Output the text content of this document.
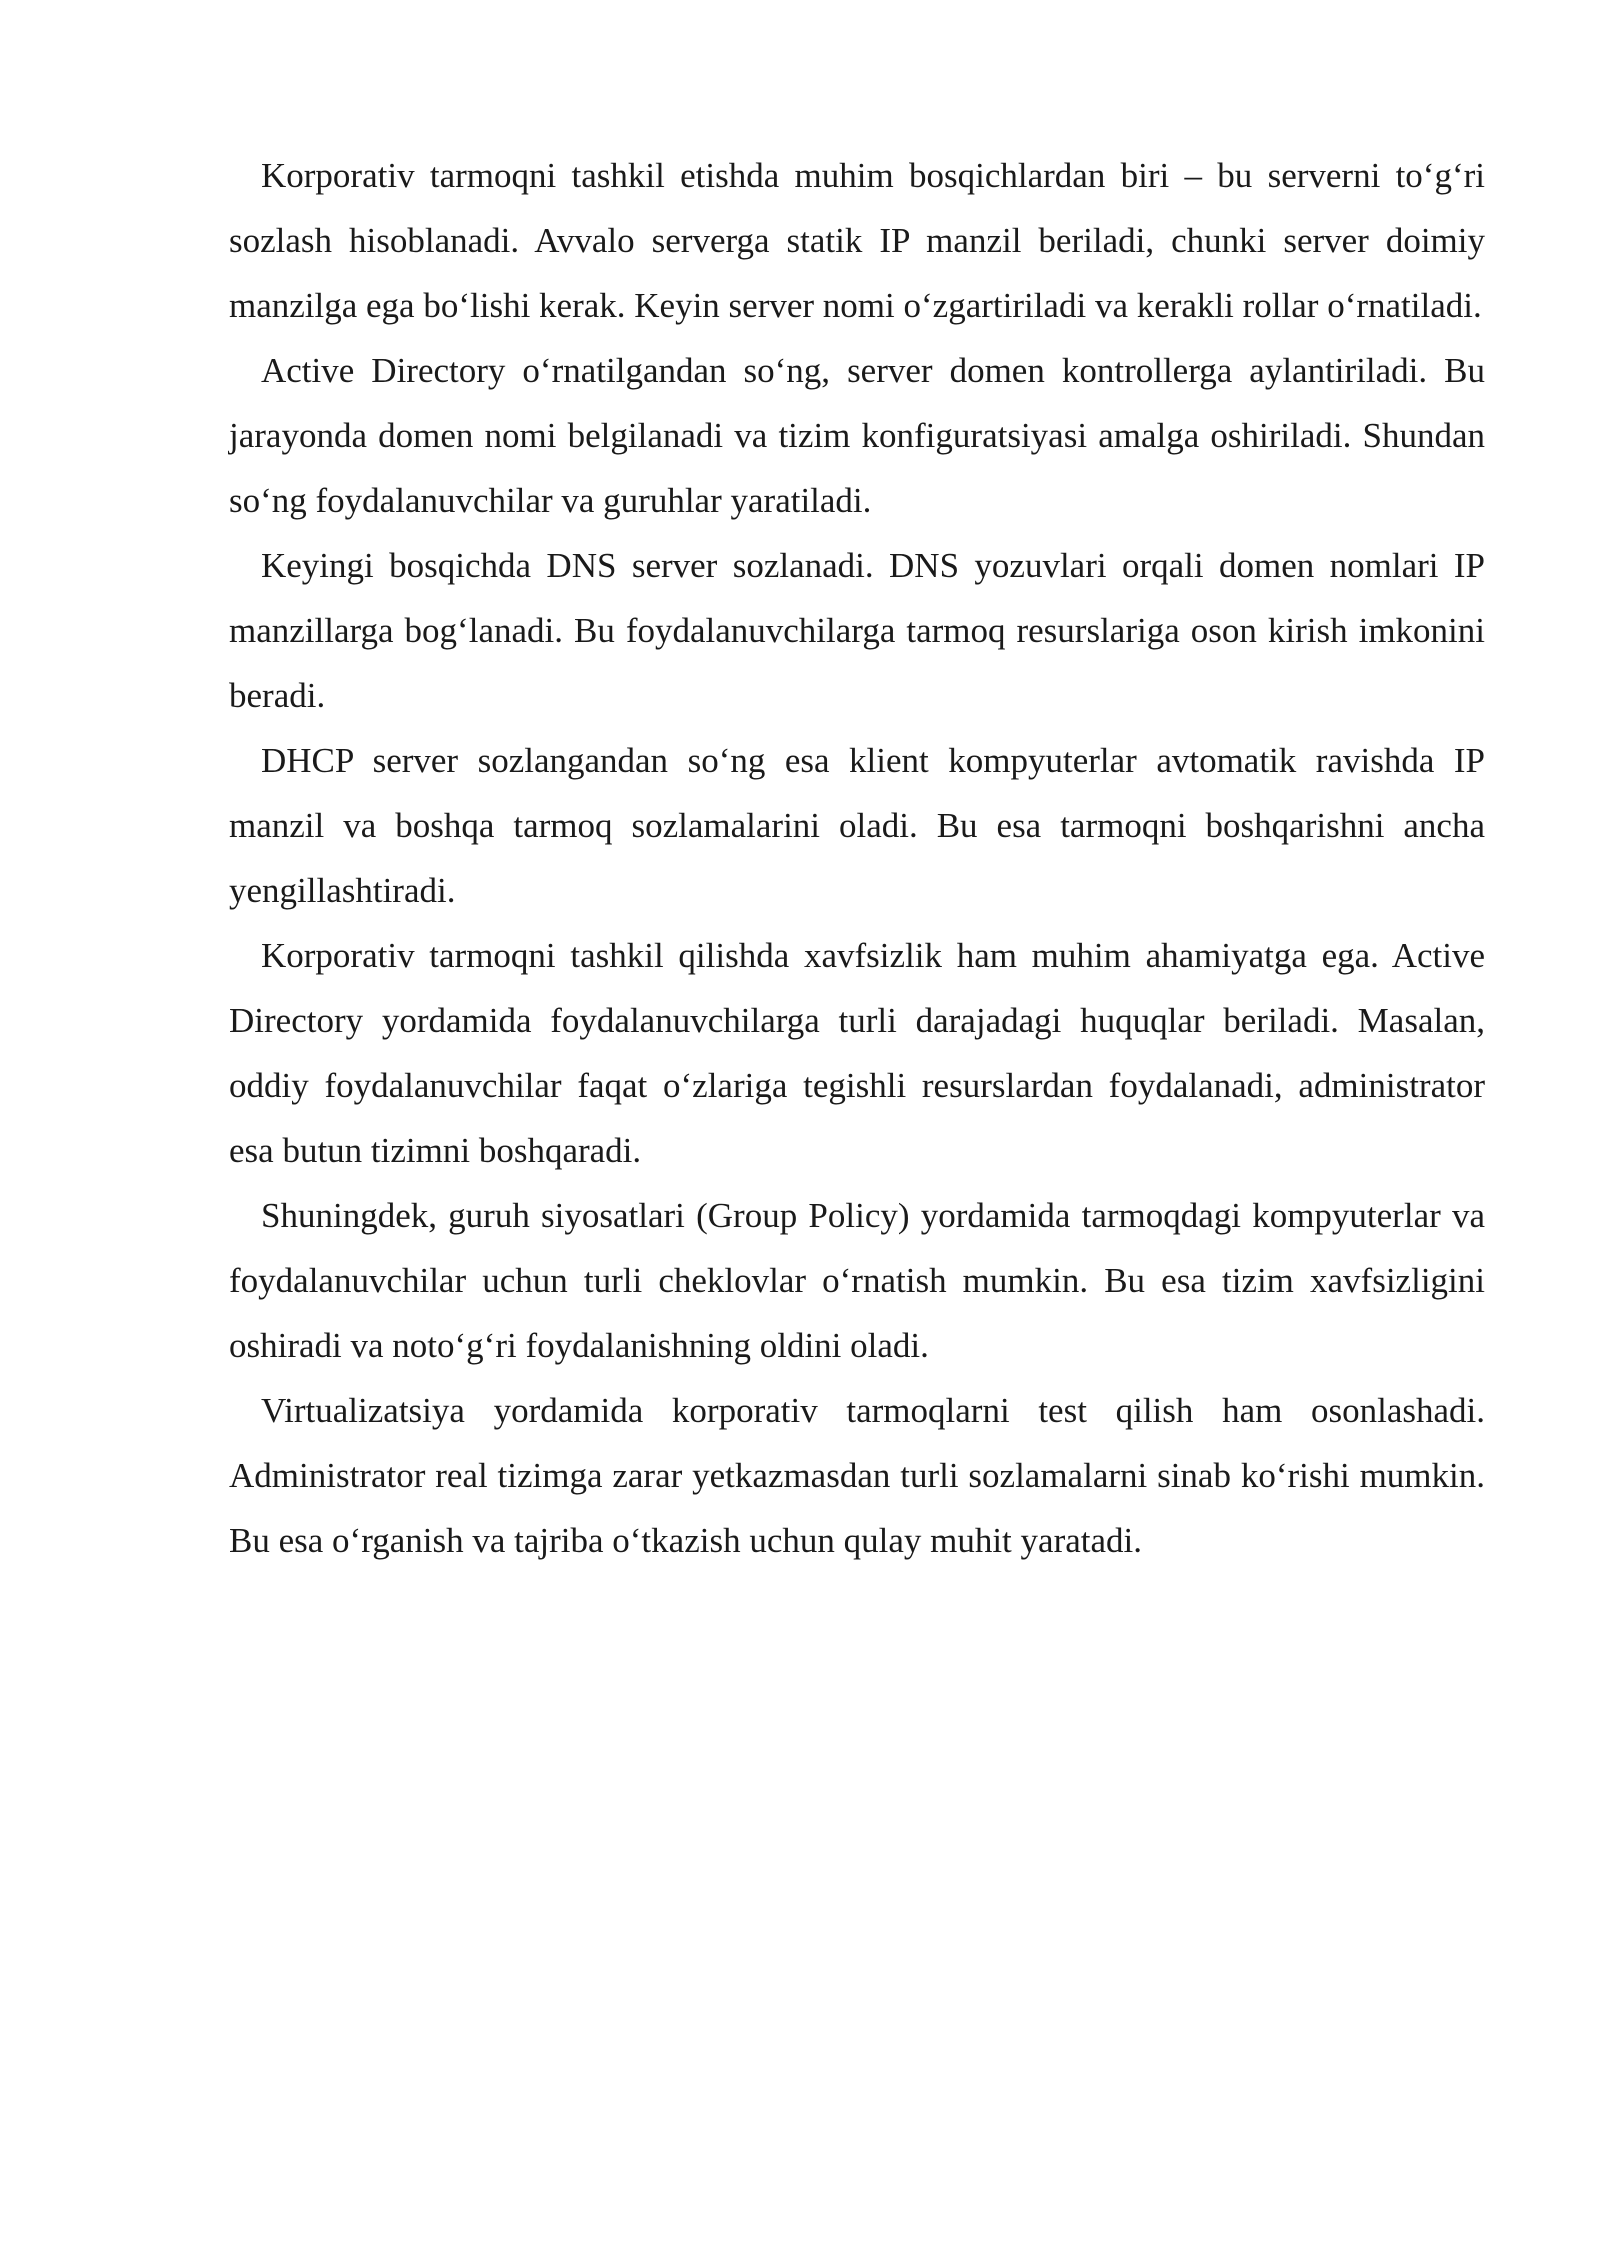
Korporativ tarmoqni tashkil etishda muhim bosqichlardan biri – bu serverni to‘g‘ri sozlash hisoblanadi. Avvalo serverga statik IP manzil beriladi, chunki server doimiy manzilga ega bo‘lishi kerak. Keyin server nomi o‘zgartiriladi va kerakli rollar o‘rnatiladi.

Active Directory o‘rnatilgandan so‘ng, server domen kontrollerga aylantiriladi. Bu jarayonda domen nomi belgilanadi va tizim konfiguratsiyasi amalga oshiriladi. Shundan so‘ng foydalanuvchilar va guruhlar yaratiladi.

Keyingi bosqichda DNS server sozlanadi. DNS yozuvlari orqali domen nomlari IP manzillarga bog‘lanadi. Bu foydalanuvchilarga tarmoq resurslariga oson kirish imkonini beradi.

DHCP server sozlangandan so‘ng esa klient kompyuterlar avtomatik ravishda IP manzil va boshqa tarmoq sozlamalarini oladi. Bu esa tarmoqni boshqarishni ancha yengillashtiradi.

Korporativ tarmoqni tashkil qilishda xavfsizlik ham muhim ahamiyatga ega. Active Directory yordamida foydalanuvchilarga turli darajadagi huquqlar beriladi. Masalan, oddiy foydalanuvchilar faqat o‘zlariga tegishli resurslardan foydalanadi, administrator esa butun tizimni boshqaradi.

Shuningdek, guruh siyosatlari (Group Policy) yordamida tarmoqdagi kompyuterlar va foydalanuvchilar uchun turli cheklovlar o‘rnatish mumkin. Bu esa tizim xavfsizligini oshiradi va noto‘g‘ri foydalanishning oldini oladi.

Virtualizatsiya yordamida korporativ tarmoqlarni test qilish ham osonlashadi. Administrator real tizimga zarar yetkazmasdan turli sozlamalarni sinab ko‘rishi mumkin. Bu esa o‘rganish va tajriba o‘tkazish uchun qulay muhit yaratadi.
